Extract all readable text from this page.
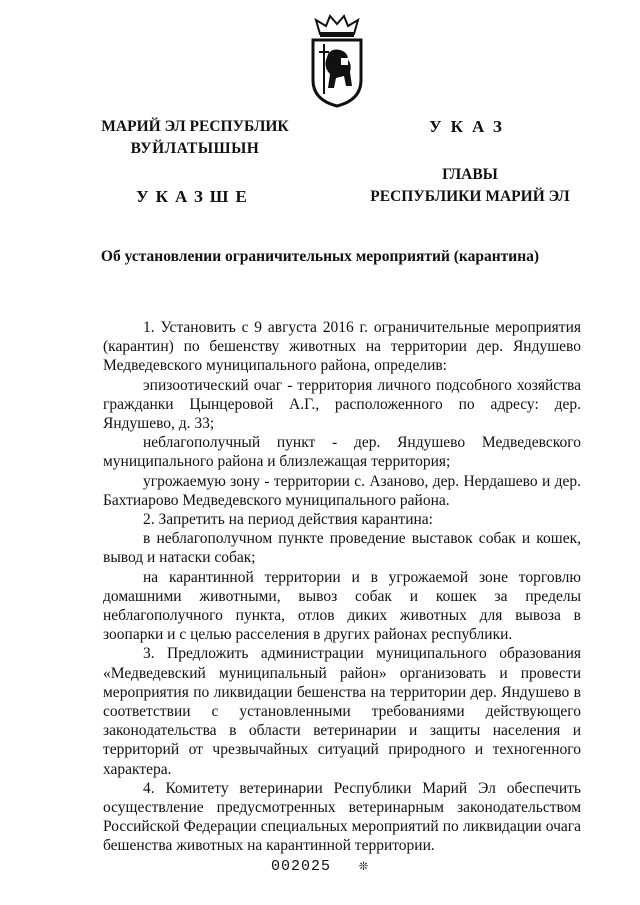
МАРИЙ ЭЛ РЕСПУБЛИК
ВУЙЛАТЫШЫН
УКАЗШЕ
УКАЗ
ГЛАВЫ
РЕСПУБЛИКИ МАРИЙ ЭЛ
Об установлении ограничительных мероприятий (карантина)

1. Установить с 9 августа 2016 г. ограничительные мероприятия (карантин) по бешенству животных на территории дер. Яндушево Медведевского муниципального района, определив:

эпизоотический очаг - территория личного подсобного хозяйства гражданки Цынцеровой А.Г., расположенного по адресу: дер. Яндушево, д. 33;

неблагополучный пункт - дер. Яндушево Медведевского муниципального района и близлежащая территория;

угрожаемую зону - территории с. Азаново, дер. Нердашево и дер. Бахтиарово Медведевского муниципального района.

2. Запретить на период действия карантина:

в неблагополучном пункте проведение выставок собак и кошек, вывод и натаски собак;

на карантинной территории и в угрожаемой зоне торговлю домашними животными, вывоз собак и кошек за пределы неблагополучного пункта, отлов диких животных для вывоза в зоопарки и с целью расселения в других районах республики.

3. Предложить администрации муниципального образования «Медведевский муниципальный район» организовать и провести мероприятия по ликвидации бешенства на территории дер. Яндушево в соответствии с установленными требованиями действующего законодательства в области ветеринарии и защиты населения и территорий от чрезвычайных ситуаций природного и техногенного характера.

4. Комитету ветеринарии Республики Марий Эл обеспечить осуществление предусмотренных ветеринарным законодательством Российской Федерации специальных мероприятий по ликвидации очага бешенства животных на карантинной территории.

002025 ❊
